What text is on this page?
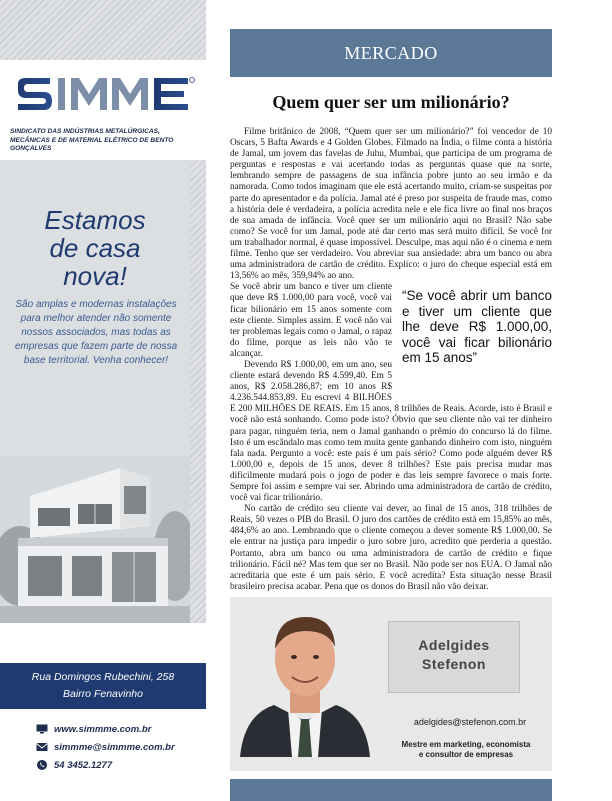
SINDICATO DAS INDÚSTRIAS METALÚRGICAS, MECÂNICAS E DE MATERIAL ELÉTRICO DE BENTO GONÇALVES
Estamos
de casa
nova!
São amplas e modernas instalações para melhor atender não somente nossos associados, mas todas as empresas que fazem parte de nossa base territorial. Venha conhecer!
Rua Domingos Rubechini, 258
Bairro Fenavinho
www.simmme.com.br
simmme@simmme.com.br
54 3452.1277
MERCADO
Quem quer ser um milionário?

Filme britânico de 2008, “Quem quer ser um milionário?” foi vencedor de 10 Oscars, 5 Bafta Awards e 4 Golden Globes. Filmado na Índia, o filme conta a história de Jamal, um jovem das favelas de Juhu, Mumbai, que participa de um programa de perguntas e respostas e vai acertando todas as perguntas quase que na sorte, lembrando sempre de passagens de sua infância pobre junto ao seu irmão e da namorada. Como todos imaginam que ele está acertando muito, criam-se suspeitas por parte do apresentador e da polícia. Jamal até é preso por suspeita de fraude mas, como a história dele é verdadeira, a polícia acredita nele e ele fica livre ao final nos braços de sua amada de infância. Você quer ser um milionário aqui no Brasil? Não sabe como? Se você for um Jamal, pode até dar certo mas será muito difícil. Se você for um trabalhador normal, é quase impossível. Desculpe, mas aqui não é o cinema e nem filme. Tenho que ser verdadeiro. Vou abreviar sua ansiedade: abra um banco ou abra uma administradora de cartão de crédito. Explico: o juro do cheque especial está em 13,56% ao mês, 359,94% ao ano.

“Se você abrir um banco e tiver um cliente que lhe deve R$ 1.000,00, você vai ficar bilionário em 15 anos”

Se você abrir um banco e tiver um cliente que deve R$ 1.000,00 para você, você vai ficar bilionário em 15 anos somente com este cliente. Simples assim. E você não vai ter problemas legais como o Jamal, o rapaz do filme, porque as leis não vão te alcançar.

Devendo R$ 1.000,00, em um ano, seu cliente estará devendo R$ 4.599,40. Em 5 anos, R$ 2.058.286,87; em 10 anos R$ 4.236.544.853,89. Eu escrevi 4 BILHÕES E 200 MILHÕES DE REAIS. Em 15 anos, 8 trilhões de Reais. Acorde, isto é Brasil e você não está sonhando. Como pode isto? Óbvio que seu cliente não vai ter dinheiro para pagar, ninguém teria, nem o Jamal ganhando o prêmio do concurso lá do filme. Isto é um escândalo mas como tem muita gente ganhando dinheiro com isto, ninguém fala nada. Pergunto a você: este país é um país sério? Como pode alguém dever R$ 1.000,00 e, depois de 15 anos, dever 8 trilhões? Este país precisa mudar mas dificilmente mudará pois o jogo de poder e das leis sempre favorece o mais forte. Sempre foi assim e sempre vai ser. Abrindo uma administradora de cartão de crédito, você vai ficar trilionário.

No cartão de crédito seu cliente vai dever, ao final de 15 anos, 318 trilhões de Reais, 50 vezes o PIB do Brasil. O juro dos cartões de crédito está em 15,85% ao mês, 484,6% ao ano. Lembrando que o cliente começou a dever somente R$ 1.000,00. Se ele entrar na justiça para impedir o juro sobre juro, acredito que perderia a questão. Portanto, abra um banco ou uma administradora de cartão de crédito e fique trilionário. Fácil né? Mas tem que ser no Brasil. Não pode ser nos EUA. O Jamal não acreditaria que este é um país sério. E você acredita? Esta situação nesse Brasil brasileiro precisa acabar. Pena que os donos do Brasil não vão deixar.

Adelgides
Stefenon
adelgides@stefenon.com.br
Mestre em marketing, economista
e consultor de empresas
